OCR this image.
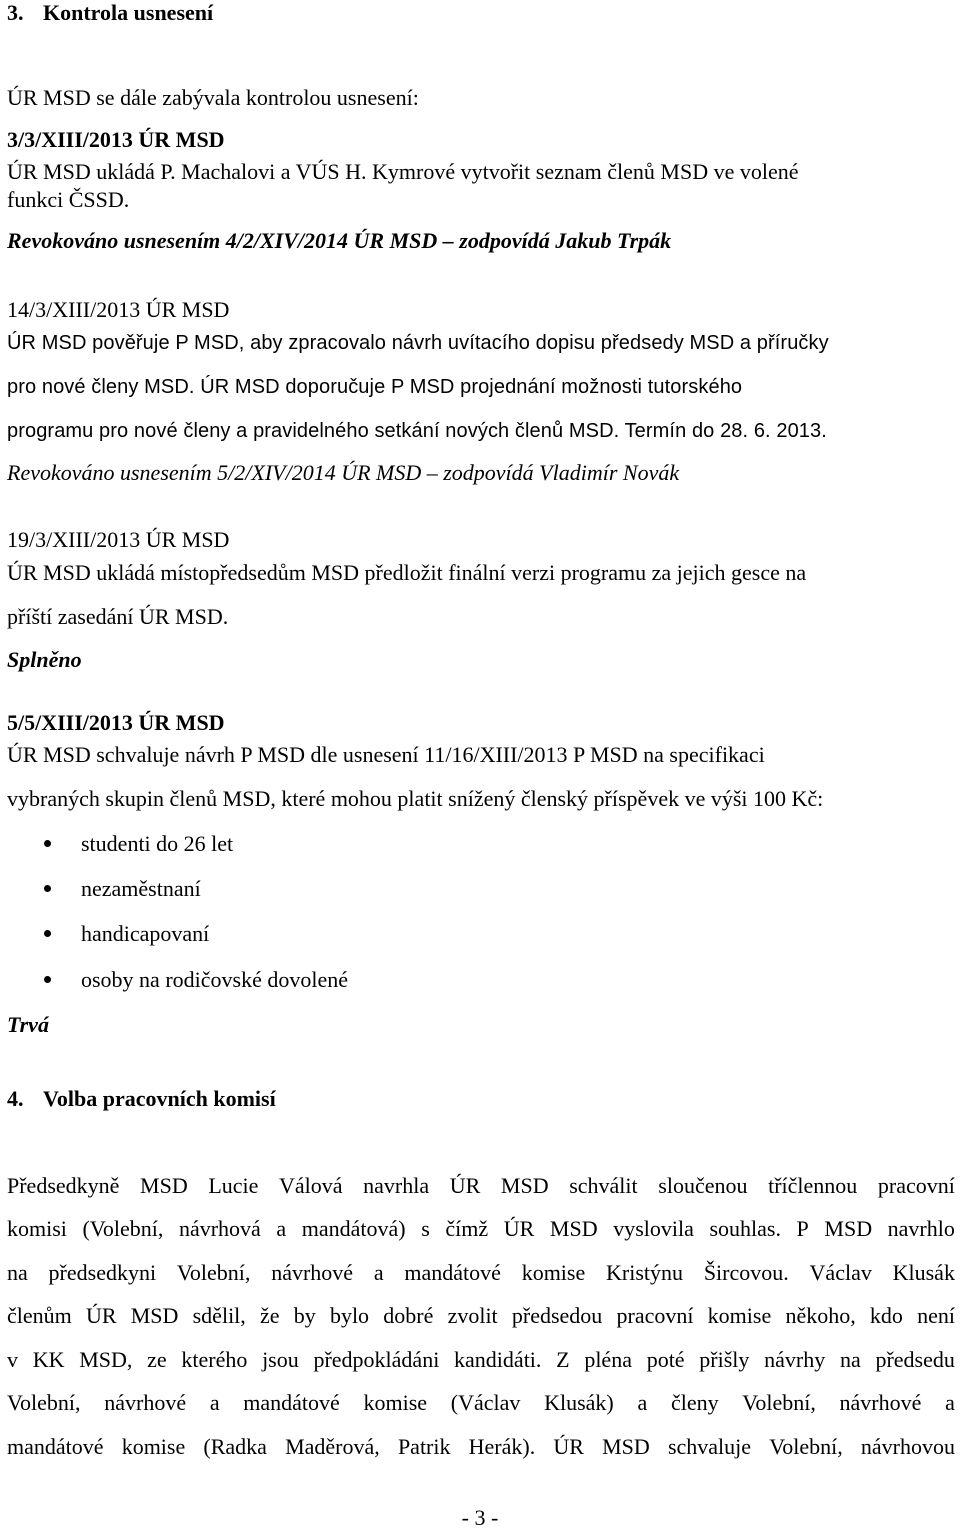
3. Kontrola usnesení
ÚR MSD se dále zabývala kontrolou usnesení:
3/3/XIII/2013 ÚR MSD
ÚR MSD ukládá P. Machalovi a VÚS H. Kymrové vytvořit seznam členů MSD ve volené
funkci ČSSD.
Revokováno usnesením 4/2/XIV/2014 ÚR MSD – zodpovídá Jakub Trpák
14/3/XIII/2013 ÚR MSD
ÚR MSD pověřuje P MSD, aby zpracovalo návrh uvítacího dopisu předsedy MSD a příručky
pro nové členy MSD. ÚR MSD doporučuje P MSD projednání možnosti tutorského
programu pro nové členy a pravidelného setkání nových členů MSD. Termín do 28. 6. 2013.
Revokováno usnesením 5/2/XIV/2014 ÚR MSD – zodpovídá Vladimír Novák
19/3/XIII/2013 ÚR MSD
ÚR MSD ukládá místopředsedům MSD předložit finální verzi programu za jejich gesce na
příští zasedání ÚR MSD.
Splněno
5/5/XIII/2013 ÚR MSD
ÚR MSD schvaluje návrh P MSD dle usnesení 11/16/XIII/2013 P MSD na specifikaci
vybraných skupin členů MSD, které mohou platit snížený členský příspěvek ve výši 100 Kč:
studenti do 26 let
nezaměstnaní
handicapovaní
osoby na rodičovské dovolené
Trvá
4. Volba pracovních komisí
Předsedkyně MSD Lucie Válová navrhla ÚR MSD schválit sloučenou tříčlennou pracovní
komisi (Volební, návrhová a mandátová) s čímž ÚR MSD vyslovila souhlas. P MSD navrhlo
na předsedkyni Volební, návrhové a mandátové komise Kristýnu Šircovou. Václav Klusák
členům ÚR MSD sdělil, že by bylo dobré zvolit předsedou pracovní komise někoho, kdo není
v KK MSD, ze kterého jsou předpokládáni kandidáti. Z pléna poté přišly návrhy na předsedu
Volební, návrhové a mandátové komise (Václav Klusák) a členy Volební, návrhové a
mandátové komise (Radka Maděrová, Patrik Herák). ÚR MSD schvaluje Volební, návrhovou
- 3 -
